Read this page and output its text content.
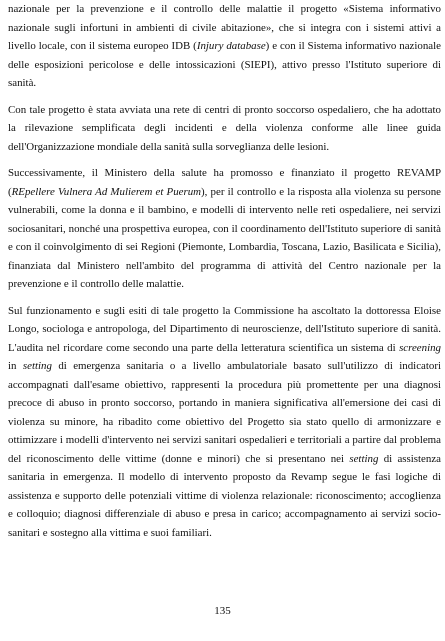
nazionale per la prevenzione e il controllo delle malattie il progetto «Sistema informativo nazionale sugli infortuni in ambienti di civile abitazione», che si integra con i sistemi attivi a livello locale, con il sistema europeo IDB (Injury database) e con il Sistema informativo nazionale delle esposizioni pericolose e delle intossicazioni (SIEPI), attivo presso l'Istituto superiore di sanità.

Con tale progetto è stata avviata una rete di centri di pronto soccorso ospedaliero, che ha adottato la rilevazione semplificata degli incidenti e della violenza conforme alle linee guida dell'Organizzazione mondiale della sanità sulla sorveglianza delle lesioni.

Successivamente, il Ministero della salute ha promosso e finanziato il progetto REVAMP (REpellere Vulnera Ad Mulierem et Puerum), per il controllo e la risposta alla violenza su persone vulnerabili, come la donna e il bambino, e modelli di intervento nelle reti ospedaliere, nei servizi sociosanitari, nonché una prospettiva europea, con il coordinamento dell'Istituto superiore di sanità e con il coinvolgimento di sei Regioni (Piemonte, Lombardia, Toscana, Lazio, Basilicata e Sicilia), finanziata dal Ministero nell'ambito del programma di attività del Centro nazionale per la prevenzione e il controllo delle malattie.

Sul funzionamento e sugli esiti di tale progetto la Commissione ha ascoltato la dottoressa Eloise Longo, sociologa e antropologa, del Dipartimento di neuroscienze, dell'Istituto superiore di sanità. L'audita nel ricordare come secondo una parte della letteratura scientifica un sistema di screening in setting di emergenza sanitaria o a livello ambulatoriale basato sull'utilizzo di indicatori accompagnati dall'esame obiettivo, rappresenti la procedura più promettente per una diagnosi precoce di abuso in pronto soccorso, portando in maniera significativa all'emersione dei casi di violenza su minore, ha ribadito come obiettivo del Progetto sia stato quello di armonizzare e ottimizzare i modelli d'intervento nei servizi sanitari ospedalieri e territoriali a partire dal problema del riconoscimento delle vittime (donne e minori) che si presentano nei setting di assistenza sanitaria in emergenza. Il modello di intervento proposto da Revamp segue le fasi logiche di assistenza e supporto delle potenziali vittime di violenza relazionale: riconoscimento; accoglienza e colloquio; diagnosi differenziale di abuso e presa in carico; accompagnamento ai servizi socio-sanitari e sostegno alla vittima e suoi familiari.

135
